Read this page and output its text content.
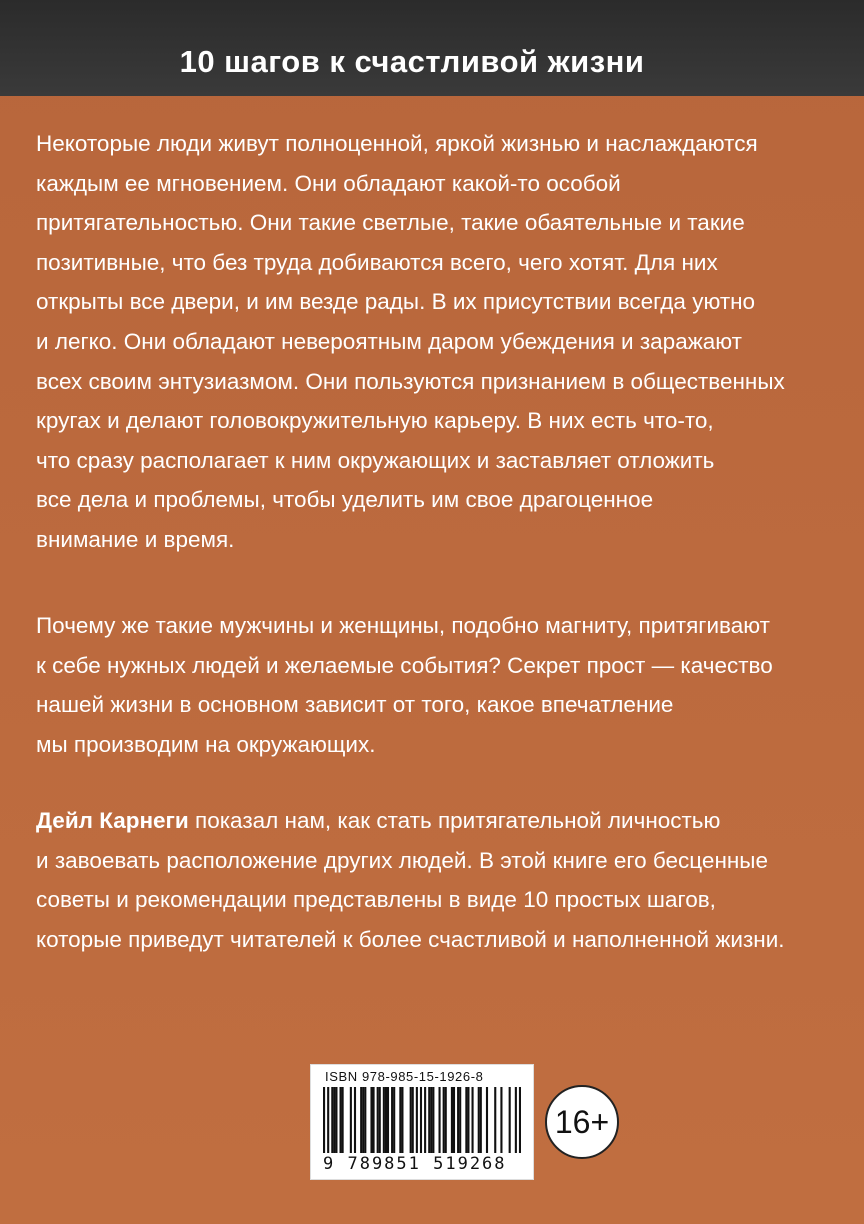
10 шагов к счастливой жизни

Некоторые люди живут полноценной, яркой жизнью и наслаждаются
каждым ее мгновением. Они обладают какой-то особой
притягательностью. Они такие светлые, такие обаятельные и такие
позитивные, что без труда добиваются всего, чего хотят. Для них
открыты все двери, и им везде рады. В их присутствии всегда уютно
и легко. Они обладают невероятным даром убеждения и заражают
всех своим энтузиазмом. Они пользуются признанием в общественных
кругах и делают головокружительную карьеру. В них есть что-то,
что сразу располагает к ним окружающих и заставляет отложить
все дела и проблемы, чтобы уделить им свое драгоценное
внимание и время.

Почему же такие мужчины и женщины, подобно магниту, притягивают
к себе нужных людей и желаемые события? Секрет прост — качество
нашей жизни в основном зависит от того, какое впечатление
мы производим на окружающих.

Дейл Карнеги показал нам, как стать притягательной личностью
и завоевать расположение других людей. В этой книге его бесценные
советы и рекомендации представлены в виде 10 простых шагов,
которые приведут читателей к более счастливой и наполненной жизни.

ISBN 978-985-15-1926-8
9 789851 519268
16+
